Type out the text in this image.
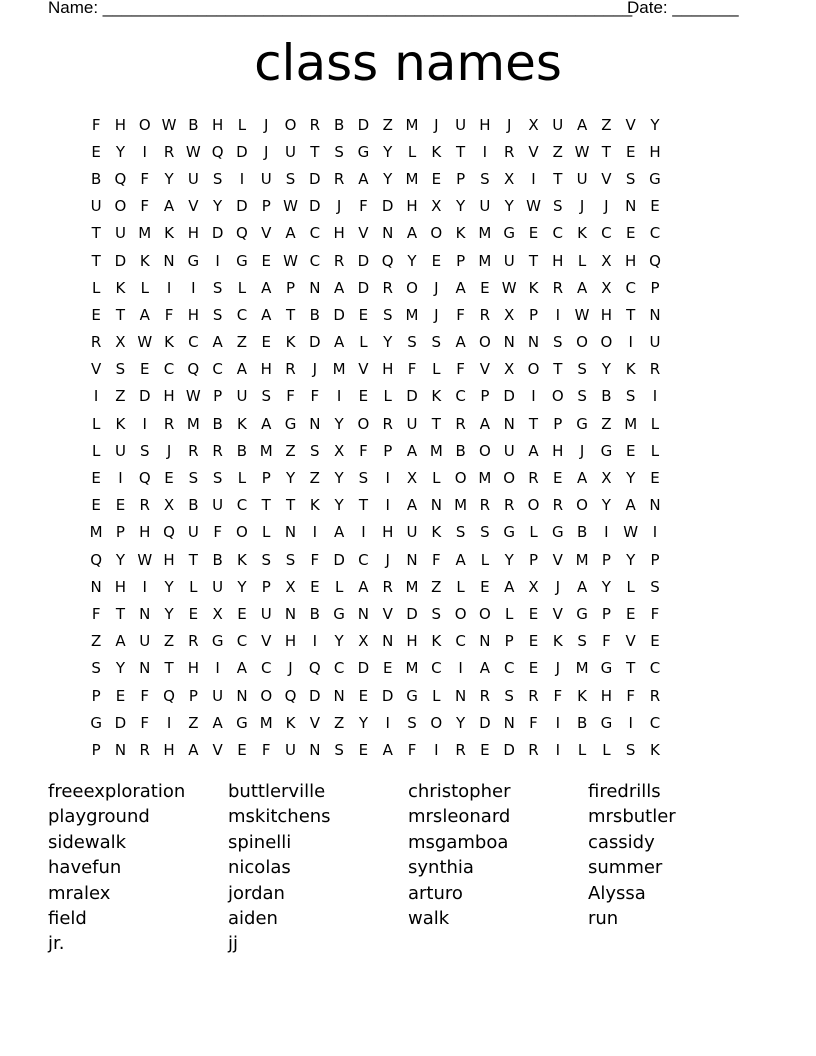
Name: ________________________________________________________
Date: _______
class names
F H O W B H L	J	O R B D Z M	J	U H	J	X U A Z V Y
E Y	I	R W Q D	J	U T S G Y	L	K T	I	R V Z W T E H
B Q F	Y U S	I	U S D R A Y M E	P	S X	I	T U V S G
U O F A V Y D P W D	J	F D H X Y U Y W S	J	J	N E
T U M K H D Q V A C H V N A O K M G E C K C E C
T D K N G	I	G E W C R D Q Y E	P M U T H L X H Q
L	K	L	I	I	S	L A P N A D R O	J	A E W K R A X C P
E T A F H S C A T B D E S M	J	F R X P	I W H T N
R X W K C A Z E K D A L	Y S S A O N N S O O	I	U
V S E C Q C A H R	J	M V H F	L	F V X O T S Y K R
I	Z D H W P U S	F	F	I	E	L D K C P D	I	O S B S	I
L	K	I	R M B K A G N Y O R U T R A N T	P G Z M L
L U S	J	R R B M Z S X F	P A M B O U A H	J	G E	L
E	I	Q E S S	L	P	Y Z Y S	I	X L O M O R E A X Y E
E E R X B U C T	T K Y	T	I	A N M R R O R O Y A N
M P H Q U F O L N	I	A	I	H U K S S G L G B	I W I
Q Y W H T B K S S	F D C	J	N F A L	Y	P V M P	Y	P
N H	I	Y	L U Y	P X E	L A R M Z L	E A X	J	A Y	L	S
F	T N Y E X E U N B G N V D S O O L	E V G P	E	F
Z A U Z R G C V H	I	Y X N H K C N P	E K S	F V E
S Y N T H	I	A C	J	Q C D E M C	I	A C E	J	M G T C
P	E	F Q P U N O Q D N E D G L N R S R F	K H F R
G D F	I	Z A G M K V Z Y	I	S O Y D N F	I	B G	I	C
P N R H A V E	F U N S E A F	I	R E D R	I	L	L	S K
freeexploration	buttlerville	christopher	firedrills
playground	mskitchens	mrsleonard	mrsbutler
sidewalk	spinelli	msgamboa	cassidy
havefun	nicolas	synthia	summer
mralex	jordan	arturo	Alyssa
field	aiden	walk	run
jr.	jj
